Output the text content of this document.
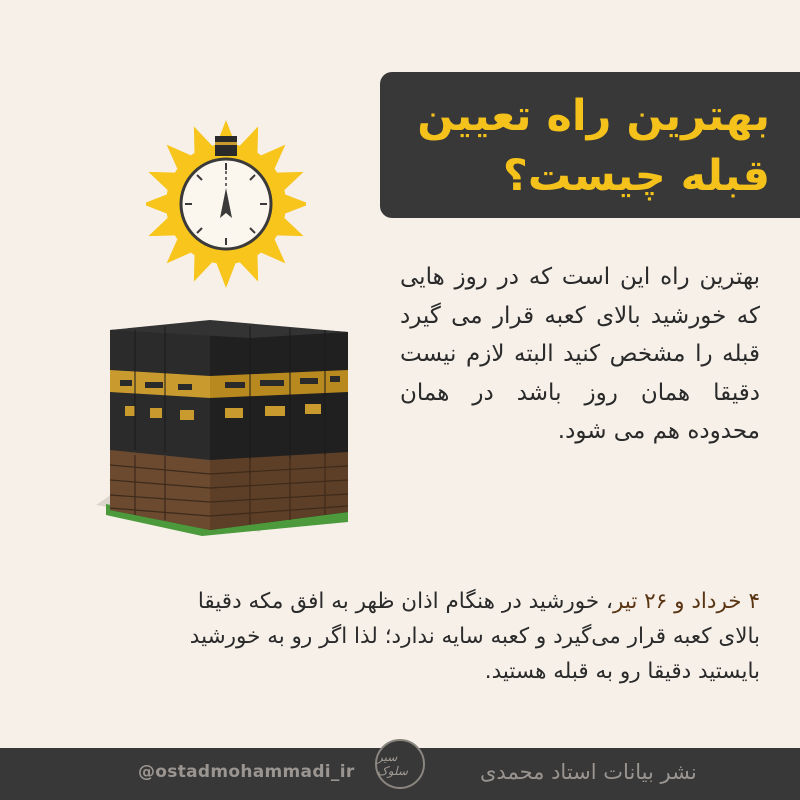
بهترین راه تعیین
قبله چیست؟
بهترین راه این است که در روز هایی که خورشید بالای کعبه قرار می گیرد قبله را مشخص کنید البته لازم نیست دقیقا همان روز باشد در همان محدوده هم می شود.
۴ خرداد و ۲۶ تیر، خورشید در هنگام اذان ظهر به افق مکه دقیقا بالای کعبه قرار می‌گیرد و کعبه سایه ندارد؛ لذا اگر رو به خورشید بایستید دقیقا رو به قبله هستید.
@ostadmohammadi_ir	نشر بیانات استاد محمدی
سیر سلوک
